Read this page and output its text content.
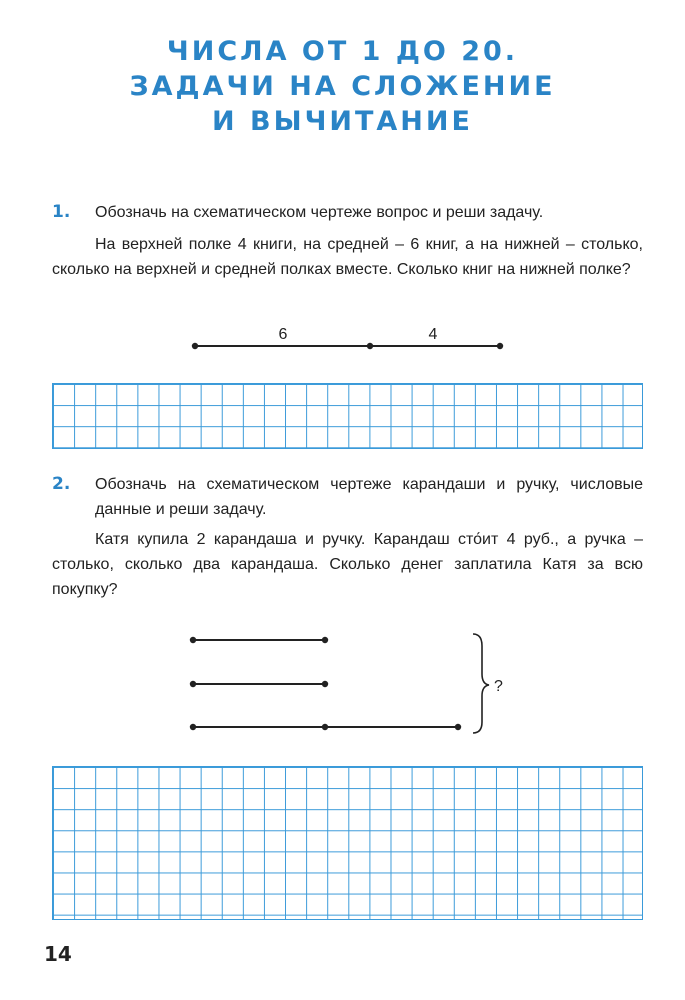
ЧИСЛА ОТ 1 ДО 20.
ЗАДАЧИ НА СЛОЖЕНИЕ
И ВЫЧИТАНИЕ
1. Обозначь на схематическом чертеже вопрос и реши задачу.

На верхней полке 4 книги, на средней – 6 книг, а на нижней – столько, сколько на верхней и средней полках вместе. Сколько книг на нижней полке?

6	4
?
2. Обозначь на схематическом чертеже карандаши и ручку, числовые данные и реши задачу.

Катя купила 2 карандаша и ручку. Карандаш сто́ит 4 руб., а ручка – столько, сколько два карандаша. Сколько денег заплатила Катя за всю покупку?

14
